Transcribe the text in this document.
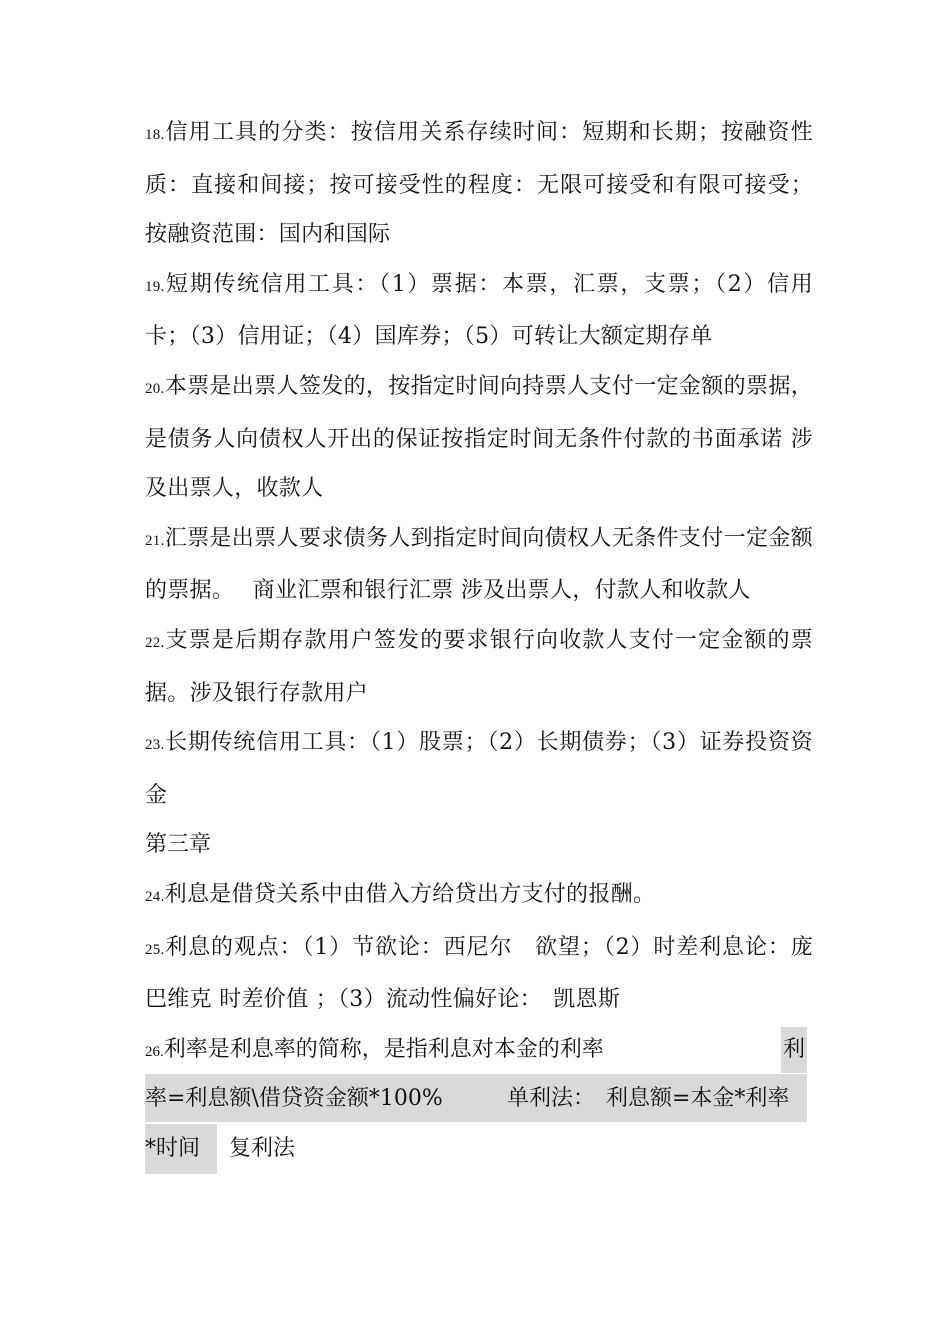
18.信用工具的分类：按信用关系存续时间：短期和长期；按融资性质：直接和间接；按可接受性的程度：无限可接受和有限可接受；按融资范围：国内和国际

19.短期传统信用工具：（1）票据：本票，汇票，支票；（2）信用卡；（3）信用证；（4）国库券；（5）可转让大额定期存单

20.本票是出票人签发的，按指定时间向持票人支付一定金额的票据，是债务人向债权人开出的保证按指定时间无条件付款的书面承诺 涉及出票人，收款人

21.汇票是出票人要求债务人到指定时间向债权人无条件支付一定金额的票据。　 商业汇票和银行汇票 涉及出票人，付款人和收款人

22.支票是后期存款用户签发的要求银行向收款人支付一定金额的票据。涉及银行存款用户

23.长期传统信用工具：（1）股票；（2）长期债券；（3）证券投资资金

第三章

24.利息是借贷关系中由借入方给贷出方支付的报酬。

25.利息的观点：（1）节欲论：西尼尔　欲望；（2）时差利息论：庞巴维克 时差价值 ；（3）流动性偏好论：　凯恩斯

26.利率是利息率的简称，是指利息对本金的利率	利
率=利息额\借贷资金额*100%	单利法：　利息额=本金*利率
*时间 复利法
